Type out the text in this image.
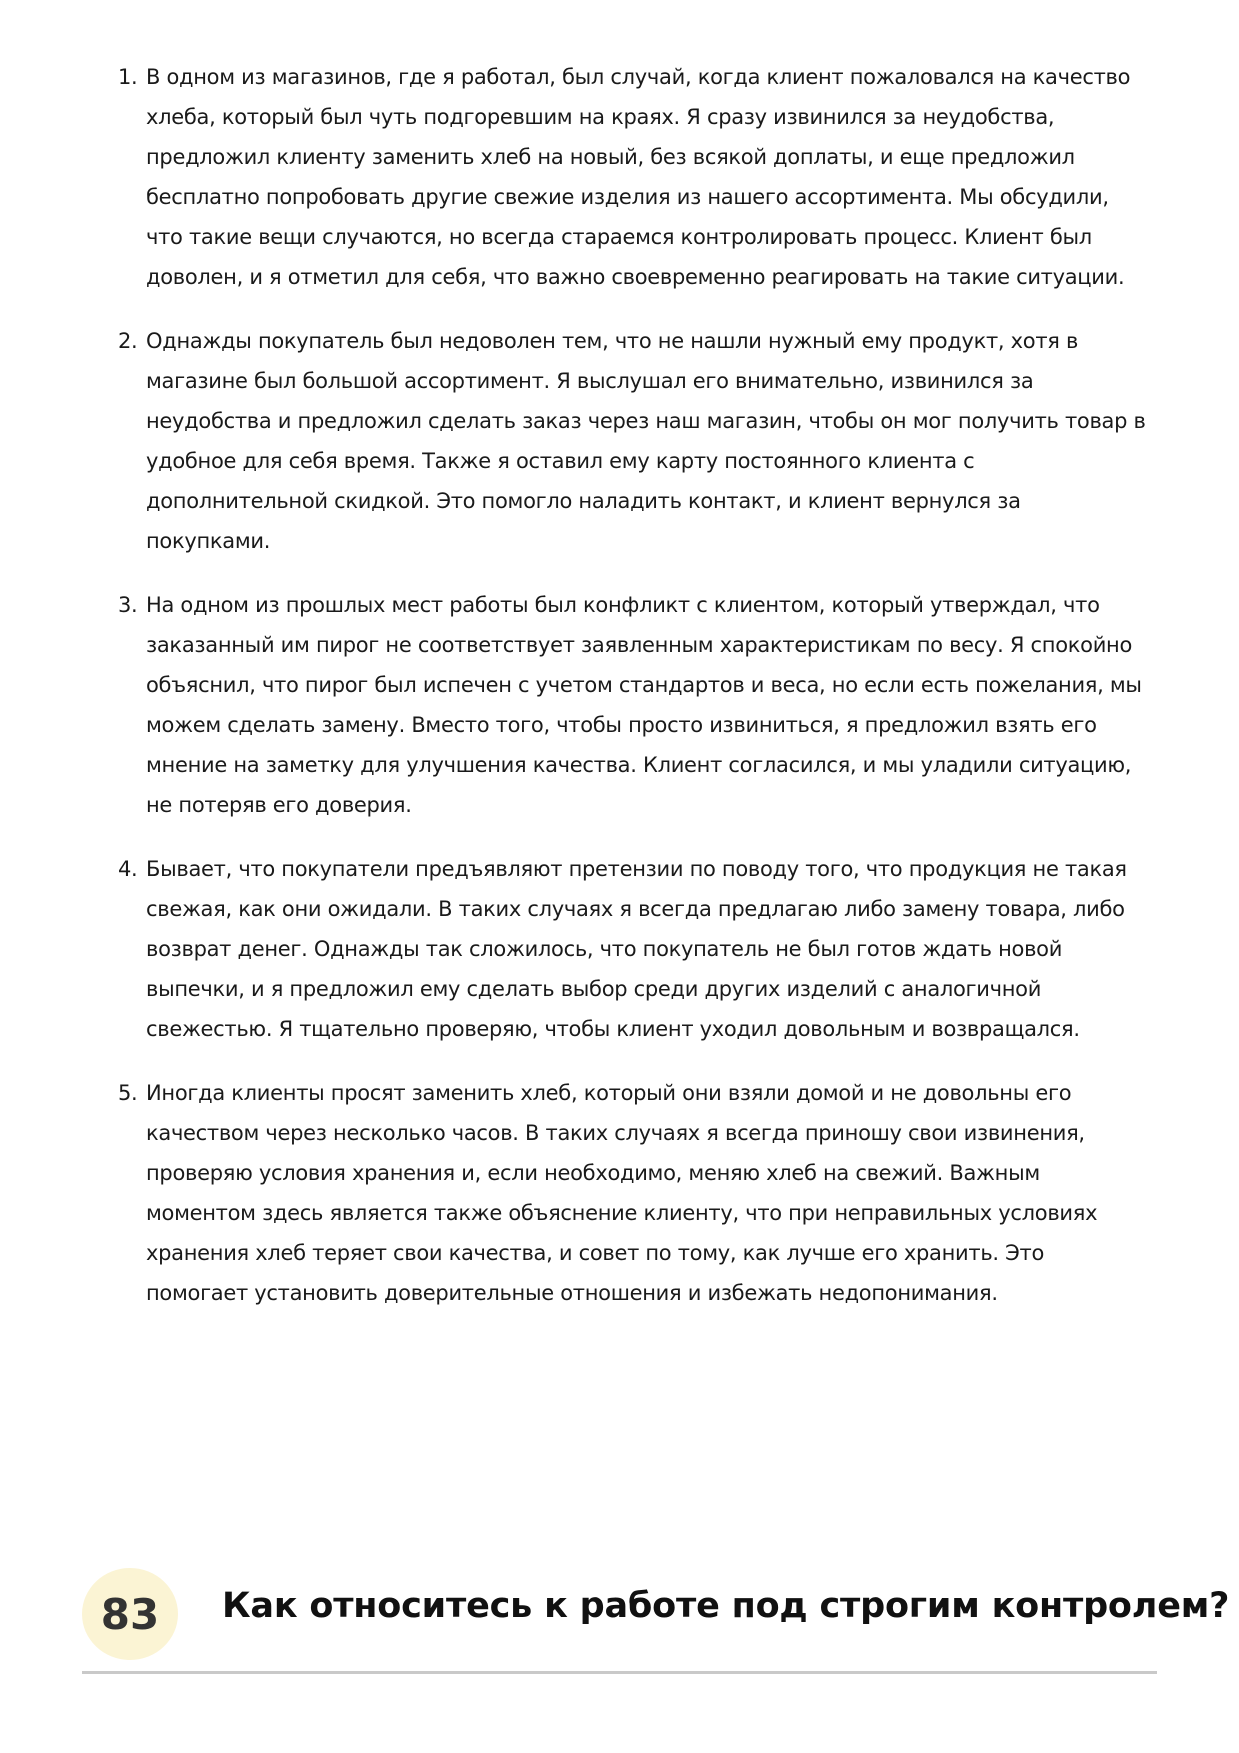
1. В одном из магазинов, где я работал, был случай, когда клиент пожаловался на качество хлеба, который был чуть подгоревшим на краях. Я сразу извинился за неудобства, предложил клиенту заменить хлеб на новый, без всякой доплаты, и еще предложил бесплатно попробовать другие свежие изделия из нашего ассортимента. Мы обсудили, что такие вещи случаются, но всегда стараемся контролировать процесс. Клиент был доволен, и я отметил для себя, что важно своевременно реагировать на такие ситуации.
2. Однажды покупатель был недоволен тем, что не нашли нужный ему продукт, хотя в магазине был большой ассортимент. Я выслушал его внимательно, извинился за неудобства и предложил сделать заказ через наш магазин, чтобы он мог получить товар в удобное для себя время. Также я оставил ему карту постоянного клиента с дополнительной скидкой. Это помогло наладить контакт, и клиент вернулся за покупками.
3. На одном из прошлых мест работы был конфликт с клиентом, который утверждал, что заказанный им пирог не соответствует заявленным характеристикам по весу. Я спокойно объяснил, что пирог был испечен с учетом стандартов и веса, но если есть пожелания, мы можем сделать замену. Вместо того, чтобы просто извиниться, я предложил взять его мнение на заметку для улучшения качества. Клиент согласился, и мы уладили ситуацию, не потеряв его доверия.
4. Бывает, что покупатели предъявляют претензии по поводу того, что продукция не такая свежая, как они ожидали. В таких случаях я всегда предлагаю либо замену товара, либо возврат денег. Однажды так сложилось, что покупатель не был готов ждать новой выпечки, и я предложил ему сделать выбор среди других изделий с аналогичной свежестью. Я тщательно проверяю, чтобы клиент уходил довольным и возвращался.
5. Иногда клиенты просят заменить хлеб, который они взяли домой и не довольны его качеством через несколько часов. В таких случаях я всегда приношу свои извинения, проверяю условия хранения и, если необходимо, меняю хлеб на свежий. Важным моментом здесь является также объяснение клиенту, что при неправильных условиях хранения хлеб теряет свои качества, и совет по тому, как лучше его хранить. Это помогает установить доверительные отношения и избежать недопонимания.
83	Как относитесь к работе под строгим контролем?
